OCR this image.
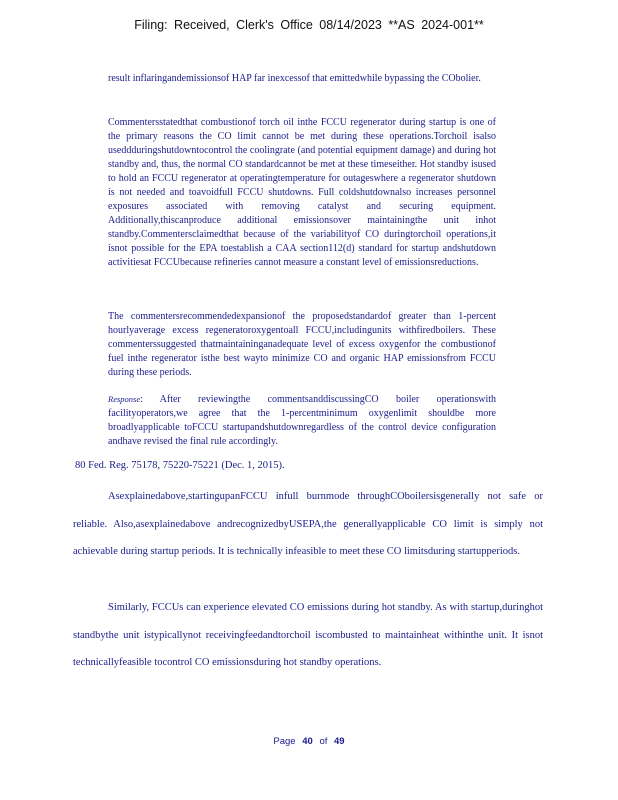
Filing: Received, Clerk's Office 08/14/2023 **AS 2024-001**

result inflaringandemissionsof HAP far inexcessof that emittedwhile bypassing the CObolier.

Commentersstatedthat combustionof torch oil inthe FCCU regenerator during startup is one of the primary reasons the CO limit cannot be met during these operations.Torchoil isalso useddduringshutdowntocontrol the coolingrate (and potential equipment damage) and during hot standby and, thus, the normal CO standardcannot be met at these timeseither. Hot standby isused to hold an FCCU regenerator at operatingtemperature for outageswhere a regenerator shutdown is not needed and toavoidfull FCCU shutdowns. Full coldshutdownalso increases personnel exposures associated with removing catalyst and securing equipment. Additionally,thiscanproduce additional emissionsover maintainingthe unit inhot standby.Commentersclaimedthat because of the variabilityof CO duringtorchoil operations,it isnot possible for the EPA toestablish a CAA section112(d) standard for startup andshutdown activitiesat FCCUbecause refineries cannot measure a constant level of emissionsreductions.

The commentersrecommendedexpansionof the proposedstandardof greater than 1-percent hourlyaverage excess regeneratoroxygentoall FCCU,includingunits withfiredboilers. These commenterssuggested thatmaintaininganadequate level of excess oxygenfor the combustionof fuel inthe regenerator isthe best wayto minimize CO and organic HAP emissionsfrom FCCU during these periods.

Response: After reviewingthe commentsanddiscussingCO boiler operationswith facilityoperators,we agree that the 1-percentminimum oxygenlimit shouldbe more broadlyapplicable toFCCU startupandshutdownregardless of the control device configuration andhave revised the final rule accordingly.

80 Fed. Reg. 75178, 75220-75221 (Dec. 1, 2015).

Asexplainedabove,startingupanFCCU infull burnmode throughCOboilersisgenerally not safe or reliable. Also,asexplainedabove andrecognizedbyUSEPA,the generallyapplicable CO limit is simply not achievable during startup periods. It is technically infeasible to meet these CO limitsduring startupperiods.

Similarly, FCCUs can experience elevated CO emissions during hot standby. As with startup,duringhot standbythe unit istypicallynot receivingfeedandtorchoil iscombusted to maintainheat withinthe unit. It isnot technicallyfeasible tocontrol CO emissionsduring hot standby operations.

Page 40 of 49
